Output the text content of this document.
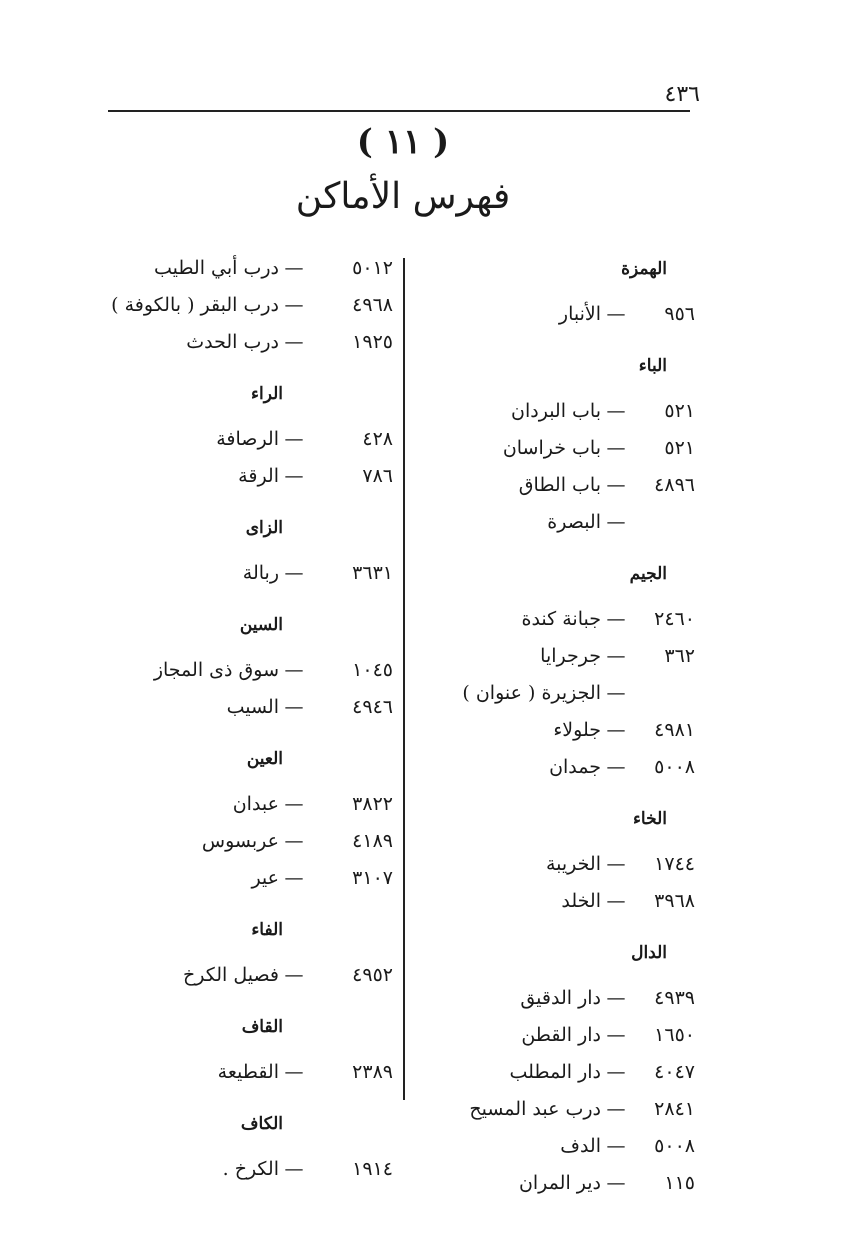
٤٣٦
( ١١ )
فهرس الأماكن
الهمزة
٩٥٦
—
الأنبار
الباء
٥٢١
—
باب البردان
٥٢١
—
باب خراسان
٤٨٩٦
—
باب الطاق
—
البصرة
الجيم
٢٤٦٠
—
جبانة كندة
٣٦٢
—
جرجرايا
—
الجزيرة ( عنوان )
٤٩٨١
—
جلولاء
٥٠٠٨
—
جمدان
الخاء
١٧٤٤
—
الخريبة
٣٩٦٨
—
الخلد
الدال
٤٩٣٩
—
دار الدقيق
١٦٥٠
—
دار القطن
٤٠٤٧
—
دار المطلب
٢٨٤١
—
درب عبد المسيح
٥٠٠٨
—
الدف
١١٥
—
دير المران
٥٠١٢
—
درب أبي الطيب
٤٩٦٨
—
درب البقر ( بالكوفة )
١٩٢٥
—
درب الحدث
الراء
٤٢٨
—
الرصافة
٧٨٦
—
الرقة
الزاى
٣٦٣١
—
ربالة
السين
١٠٤٥
—
سوق ذى المجاز
٤٩٤٦
—
السيب
العين
٣٨٢٢
—
عبدان
٤١٨٩
—
عربسوس
٣١٠٧
—
عير
الفاء
٤٩٥٢
—
فصيل الكرخ
القاف
٢٣٨٩
—
القطيعة
الكاف
١٩١٤
—
الكرخ .
